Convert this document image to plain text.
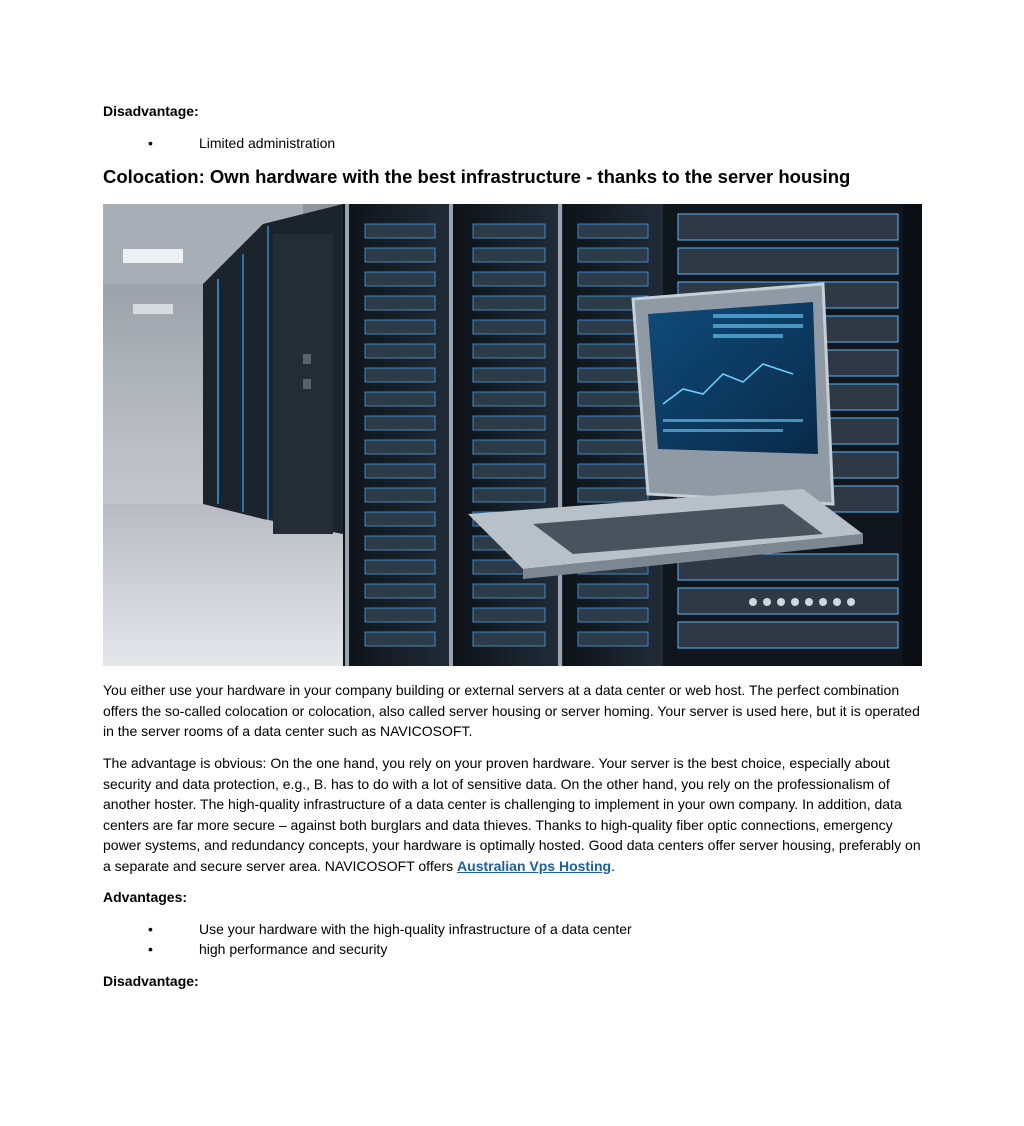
Disadvantage:
•	Limited administration
Colocation: Own hardware with the best infrastructure - thanks to the server housing
You either use your hardware in your company building or external servers at a data center or web host. The perfect combination offers the so-called colocation or colocation, also called server housing or server homing. Your server is used here, but it is operated in the server rooms of a data center such as NAVICOSOFT.
The advantage is obvious: On the one hand, you rely on your proven hardware. Your server is the best choice, especially about security and data protection, e.g., B. has to do with a lot of sensitive data. On the other hand, you rely on the professionalism of another hoster. The high-quality infrastructure of a data center is challenging to implement in your own company. In addition, data centers are far more secure – against both burglars and data thieves. Thanks to high-quality fiber optic connections, emergency power systems, and redundancy concepts, your hardware is optimally hosted. Good data centers offer server housing, preferably on a separate and secure server area. NAVICOSOFT offers Australian Vps Hosting.
Advantages:
•	Use your hardware with the high-quality infrastructure of a data center
•	high performance and security
Disadvantage:
